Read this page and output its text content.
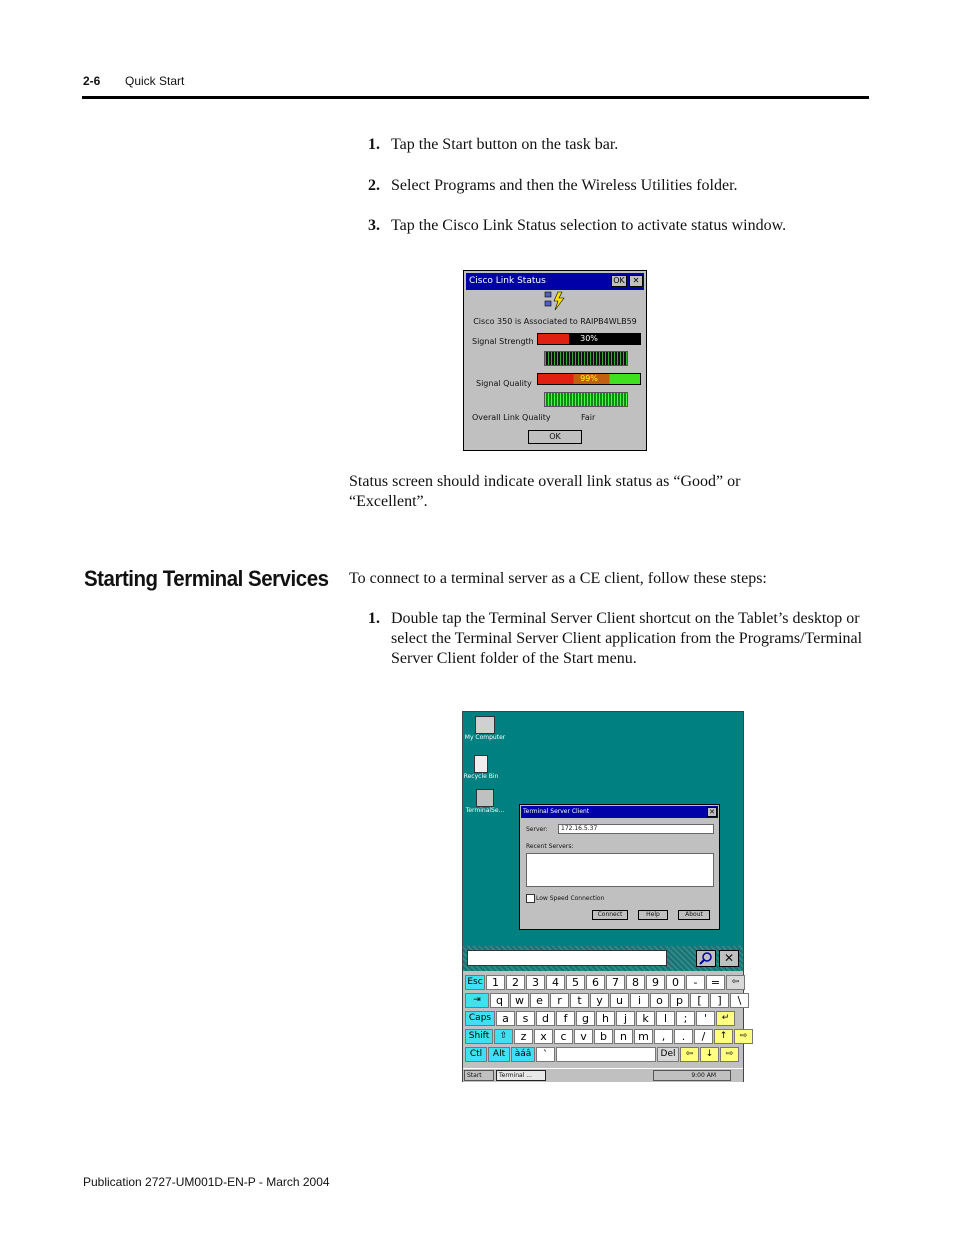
2-6 Quick Start
1. Tap the Start button on the task bar.
2. Select Programs and then the Wireless Utilities folder.
3. Tap the Cisco Link Status selection to activate status window.
Cisco Link Status	OK ✕
Cisco 350 is Associated to RAIPB4WLB59
Signal Strength	30%
Signal Quality
99%
Overall Link Quality	Fair
OK
Status screen should indicate overall link status as “Good” or “Excellent”.
Starting Terminal Services To connect to a terminal server as a CE client, follow these steps:
1. Double tap the Terminal Server Client shortcut on the Tablet’s desktop or select the Terminal Server Client application from the Programs/Terminal Server Client folder of the Start menu.
My Computer
Recycle Bin
TerminalSe...	Terminal Server Client	✕
Server:	172.16.5.37
Recent Servers:
Low Speed Connection
Connect	Help	About
✕
Esc 1	2	3	4	5	6	7	8	9	0	-	=	⇦
⇥	q	w	e	r	t	y	u	i	o	p	[	]	\
Caps	a	s	d	f	g	h	j	k	l	;	'	↵
Shift	⇧	z	x	c	v	b	n	m	,	.	/	↑	⇨
Ctl	Alt	àáâ	`	Del	⇦	↓	⇨
Start	Terminal ...	9:00 AM
Publication 2727-UM001D-EN-P - March 2004
